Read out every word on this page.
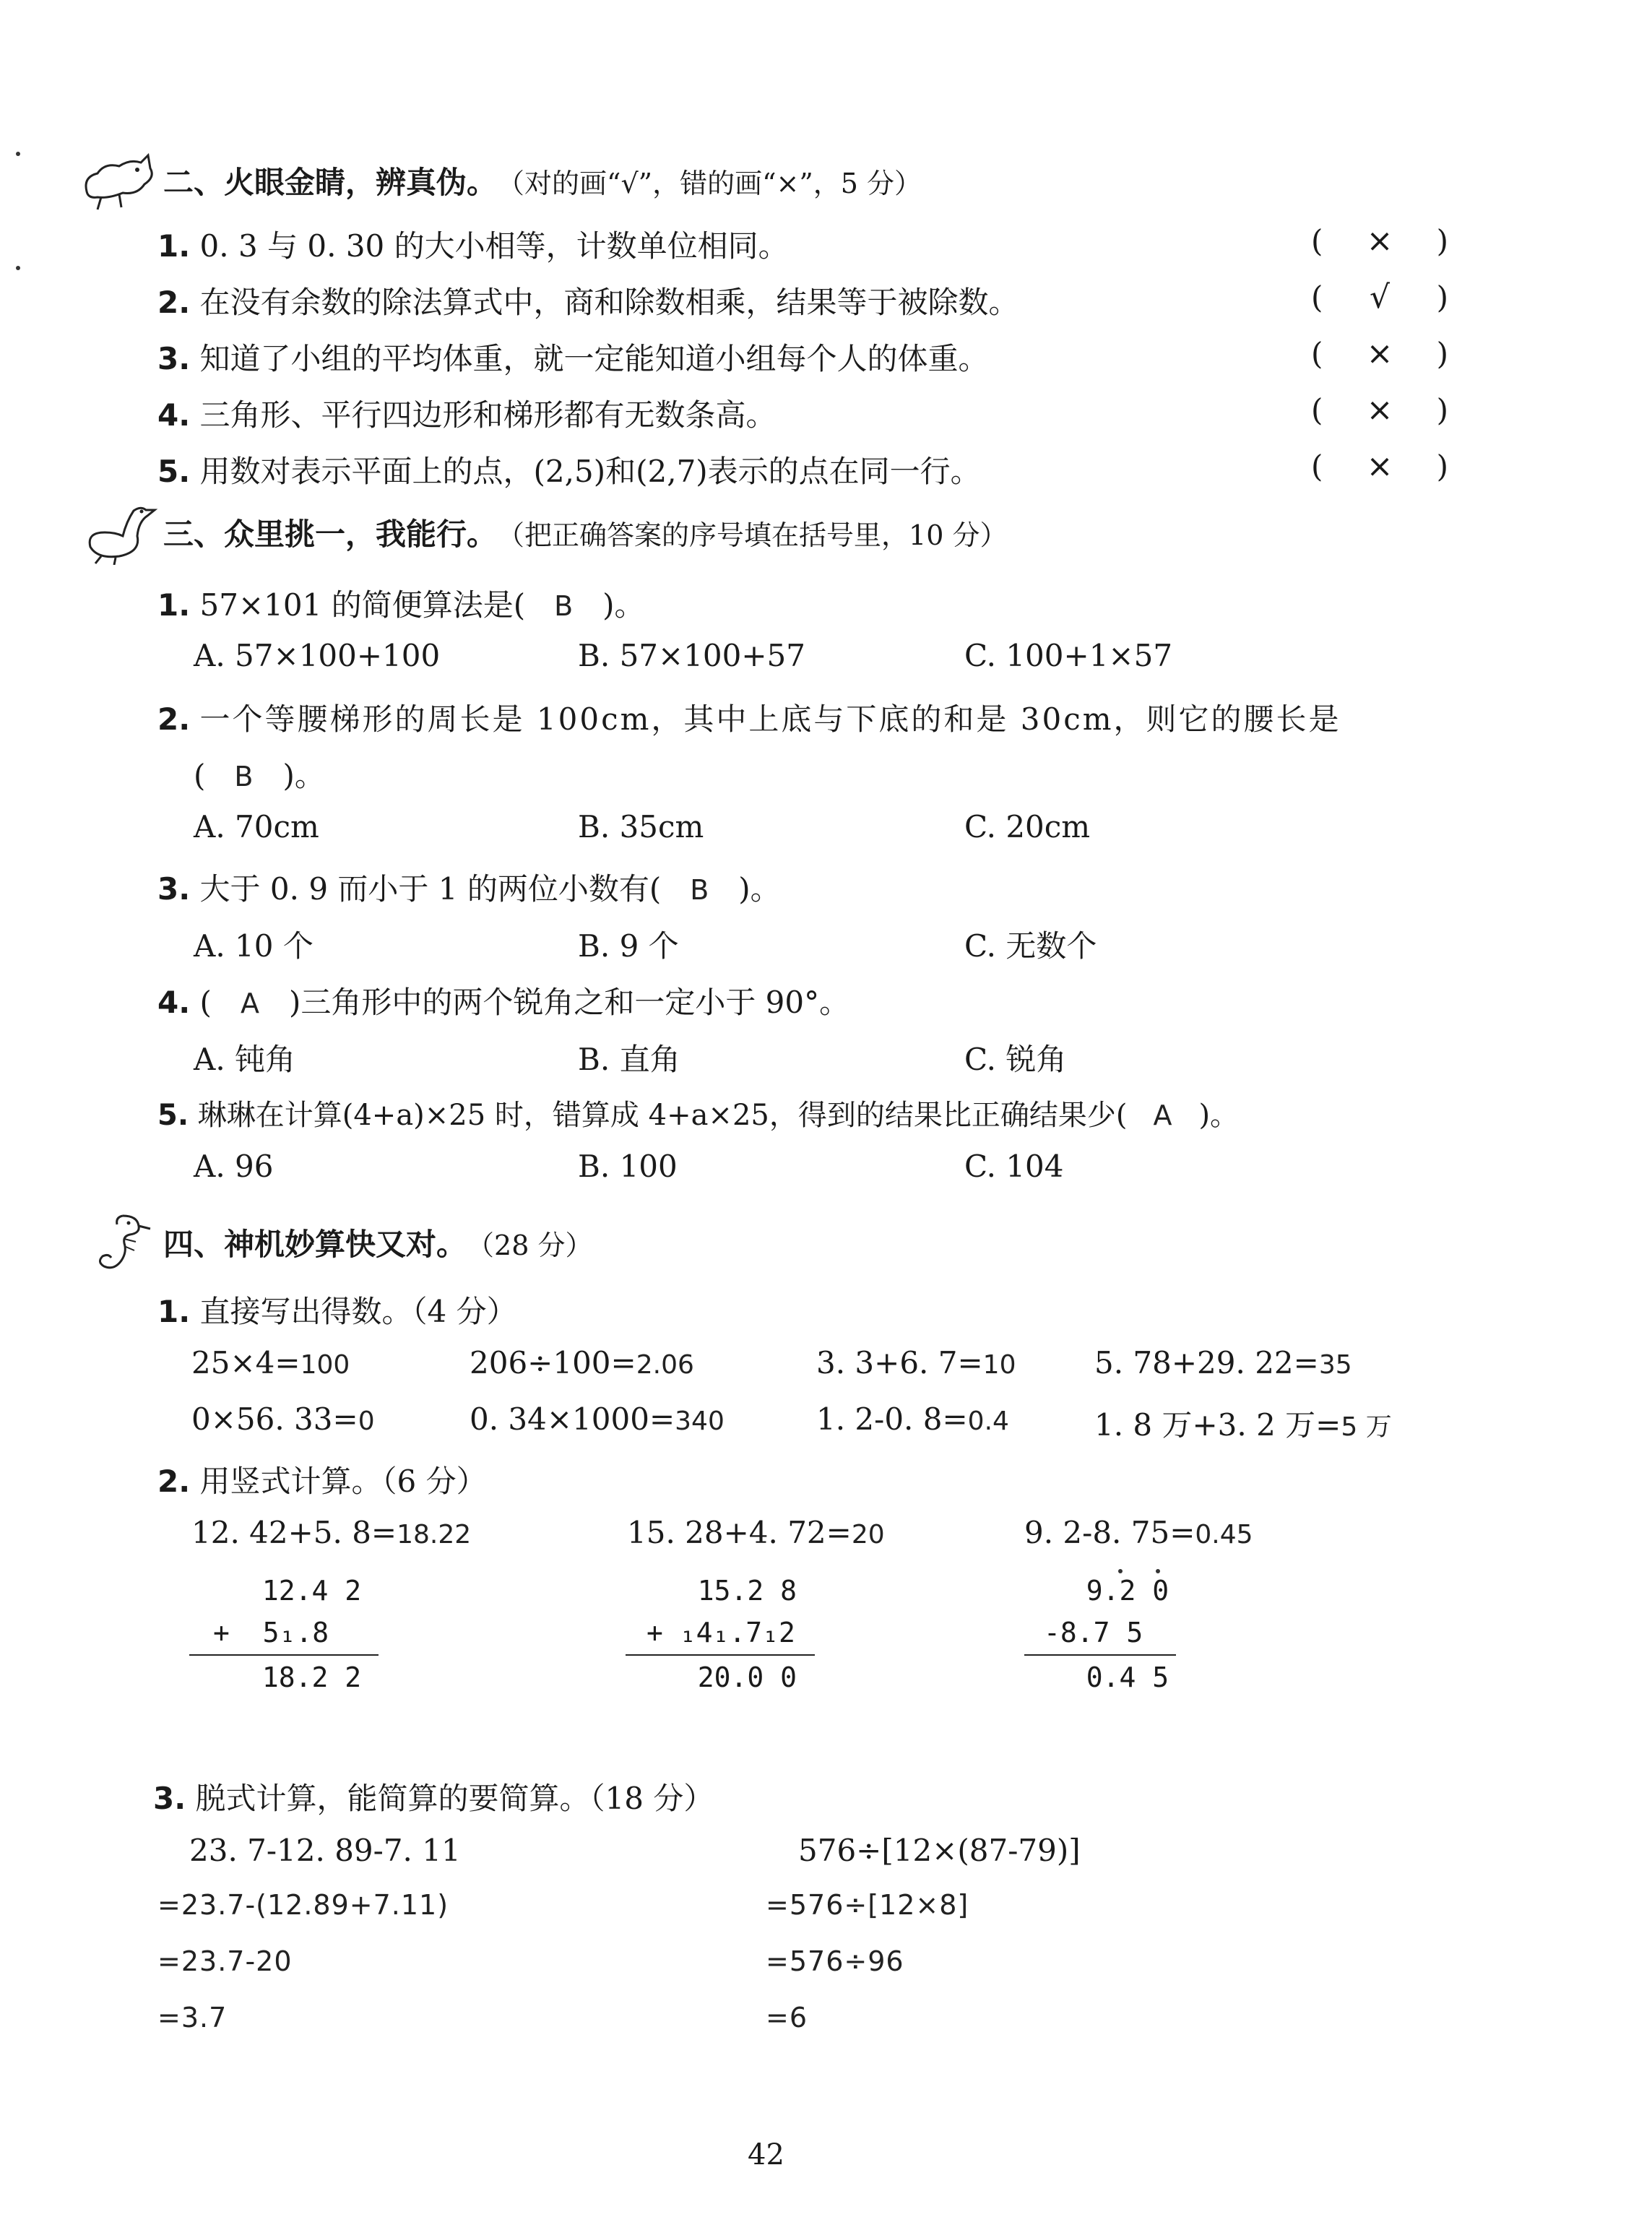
二、火眼金睛，辨真伪。 （对的画“√”，错的画“×”，5 分）
1. 0. 3 与 0. 30 的大小相等，计数单位相同。	( × )
2. 在没有余数的除法算式中，商和除数相乘，结果等于被除数。	( √ )
3. 知道了小组的平均体重，就一定能知道小组每个人的体重。	( × )
4. 三角形、平行四边形和梯形都有无数条高。	( × )
5. 用数对表示平面上的点，(2,5)和(2,7)表示的点在同一行。	( × )
三、众里挑一，我能行。 （把正确答案的序号填在括号里，10 分）
1. 57×101 的简便算法是( B )。
A. 57×100+100	B. 57×100+57	C. 100+1×57
2. 一个等腰梯形的周长是 100cm，其中上底与下底的和是 30cm，则它的腰长是
( B )。
A. 70cm	B. 35cm	C. 20cm
3. 大于 0. 9 而小于 1 的两位小数有( B )。
A. 10 个	B. 9 个	C. 无数个
4. ( A )三角形中的两个锐角之和一定小于 90°。
A. 钝角	B. 直角	C. 锐角
5. 琳琳在计算(4+a)×25 时，错算成 4+a×25，得到的结果比正确结果少( A )。
A. 96	B. 100	C. 104
四、神机妙算快又对。 （28 分）
1. 直接写出得数。（4 分）
25×4=100	206÷100=2.06	3. 3+6. 7=10	5. 78+29. 22=35
0×56. 33=0	0. 34×1000=340	1. 2-0. 8=0.4	1. 8 万+3. 2 万=5 万
2. 用竖式计算。（6 分）
12. 42+5. 8=18.22	15. 28+4. 72=20	9. 2-8. 75=0.45
12.4 2
+  5₁.8
18.2 2
15.2 8
+ ₁4₁.7₁2
20.0 0
9.2 0
-8.7 5
0.4 5
3. 脱式计算，能简算的要简算。（18 分）
23. 7-12. 89-7. 11
=23.7-(12.89+7.11)
=23.7-20
=3.7
576÷[12×(87-79)]
=576÷[12×8]
=576÷96
=6
42
